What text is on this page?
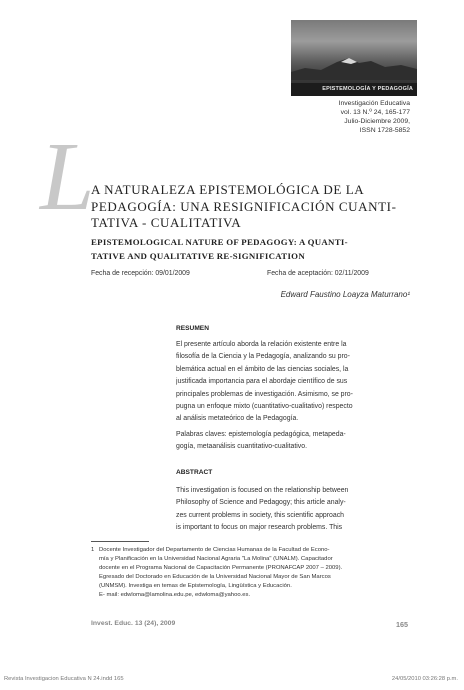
EPISTEMOLOGÍA Y PEDAGOGÍA
Investigación Educativa
vol. 13 N.º 24, 165-177
Julio-Diciembre 2009,
ISSN 1728-5852
L
A NATURALEZA EPISTEMOLÓGICA DE LA
PEDAGOGÍA: UNA RESIGNIFICACIÓN CUANTI-
TATIVA - CUALITATIVA
EPISTEMOLOGICAL NATURE OF PEDAGOGY: A QUANTI-
TATIVE AND QUALITATIVE RE-SIGNIFICATION
Fecha de recepción: 09/01/2009	Fecha de aceptación: 02/11/2009
Edward Faustino Loayza Maturrano¹
RESUMEN
El presente artículo aborda la relación existente entre la
filosofía de la Ciencia y la Pedagogía, analizando su pro-
blemática actual en el ámbito de las ciencias sociales, la
justificada importancia para el abordaje científico de sus
principales problemas de investigación. Asimismo, se pro-
pugna un enfoque mixto (cuantitativo-cualitativo) respecto
al análisis metateórico de la Pedagogía.
Palabras claves: epistemología pedagógica, metapeda-
gogía, metaanálisis cuantitativo-cualitativo.
ABSTRACT
This investigation is focused on the relationship between
Philosophy of Science and Pedagogy; this article analy-
zes current problems in society, this scientific approach
is important to focus on major research problems. This
1 Docente Investigador del Departamento de Ciencias Humanas de la Facultad de Econo-
mía y Planificación en la Universidad Nacional Agraria "La Molina" (UNALM). Capacitador
docente en el Programa Nacional de Capacitación Permanente (PRONAFCAP 2007 – 2009).
Egresado del Doctorado en Educación de la Universidad Nacional Mayor de San Marcos
(UNMSM). Investiga en temas de Epistemología, Lingüística y Educación.
E- mail: edwloma@lamolina.edu.pe, edwloma@yahoo.es.
Invest. Educ. 13 (24), 2009	165
Revista Investigacion Educativa N 24.indd 165	24/05/2010 03:26:28 p.m.
